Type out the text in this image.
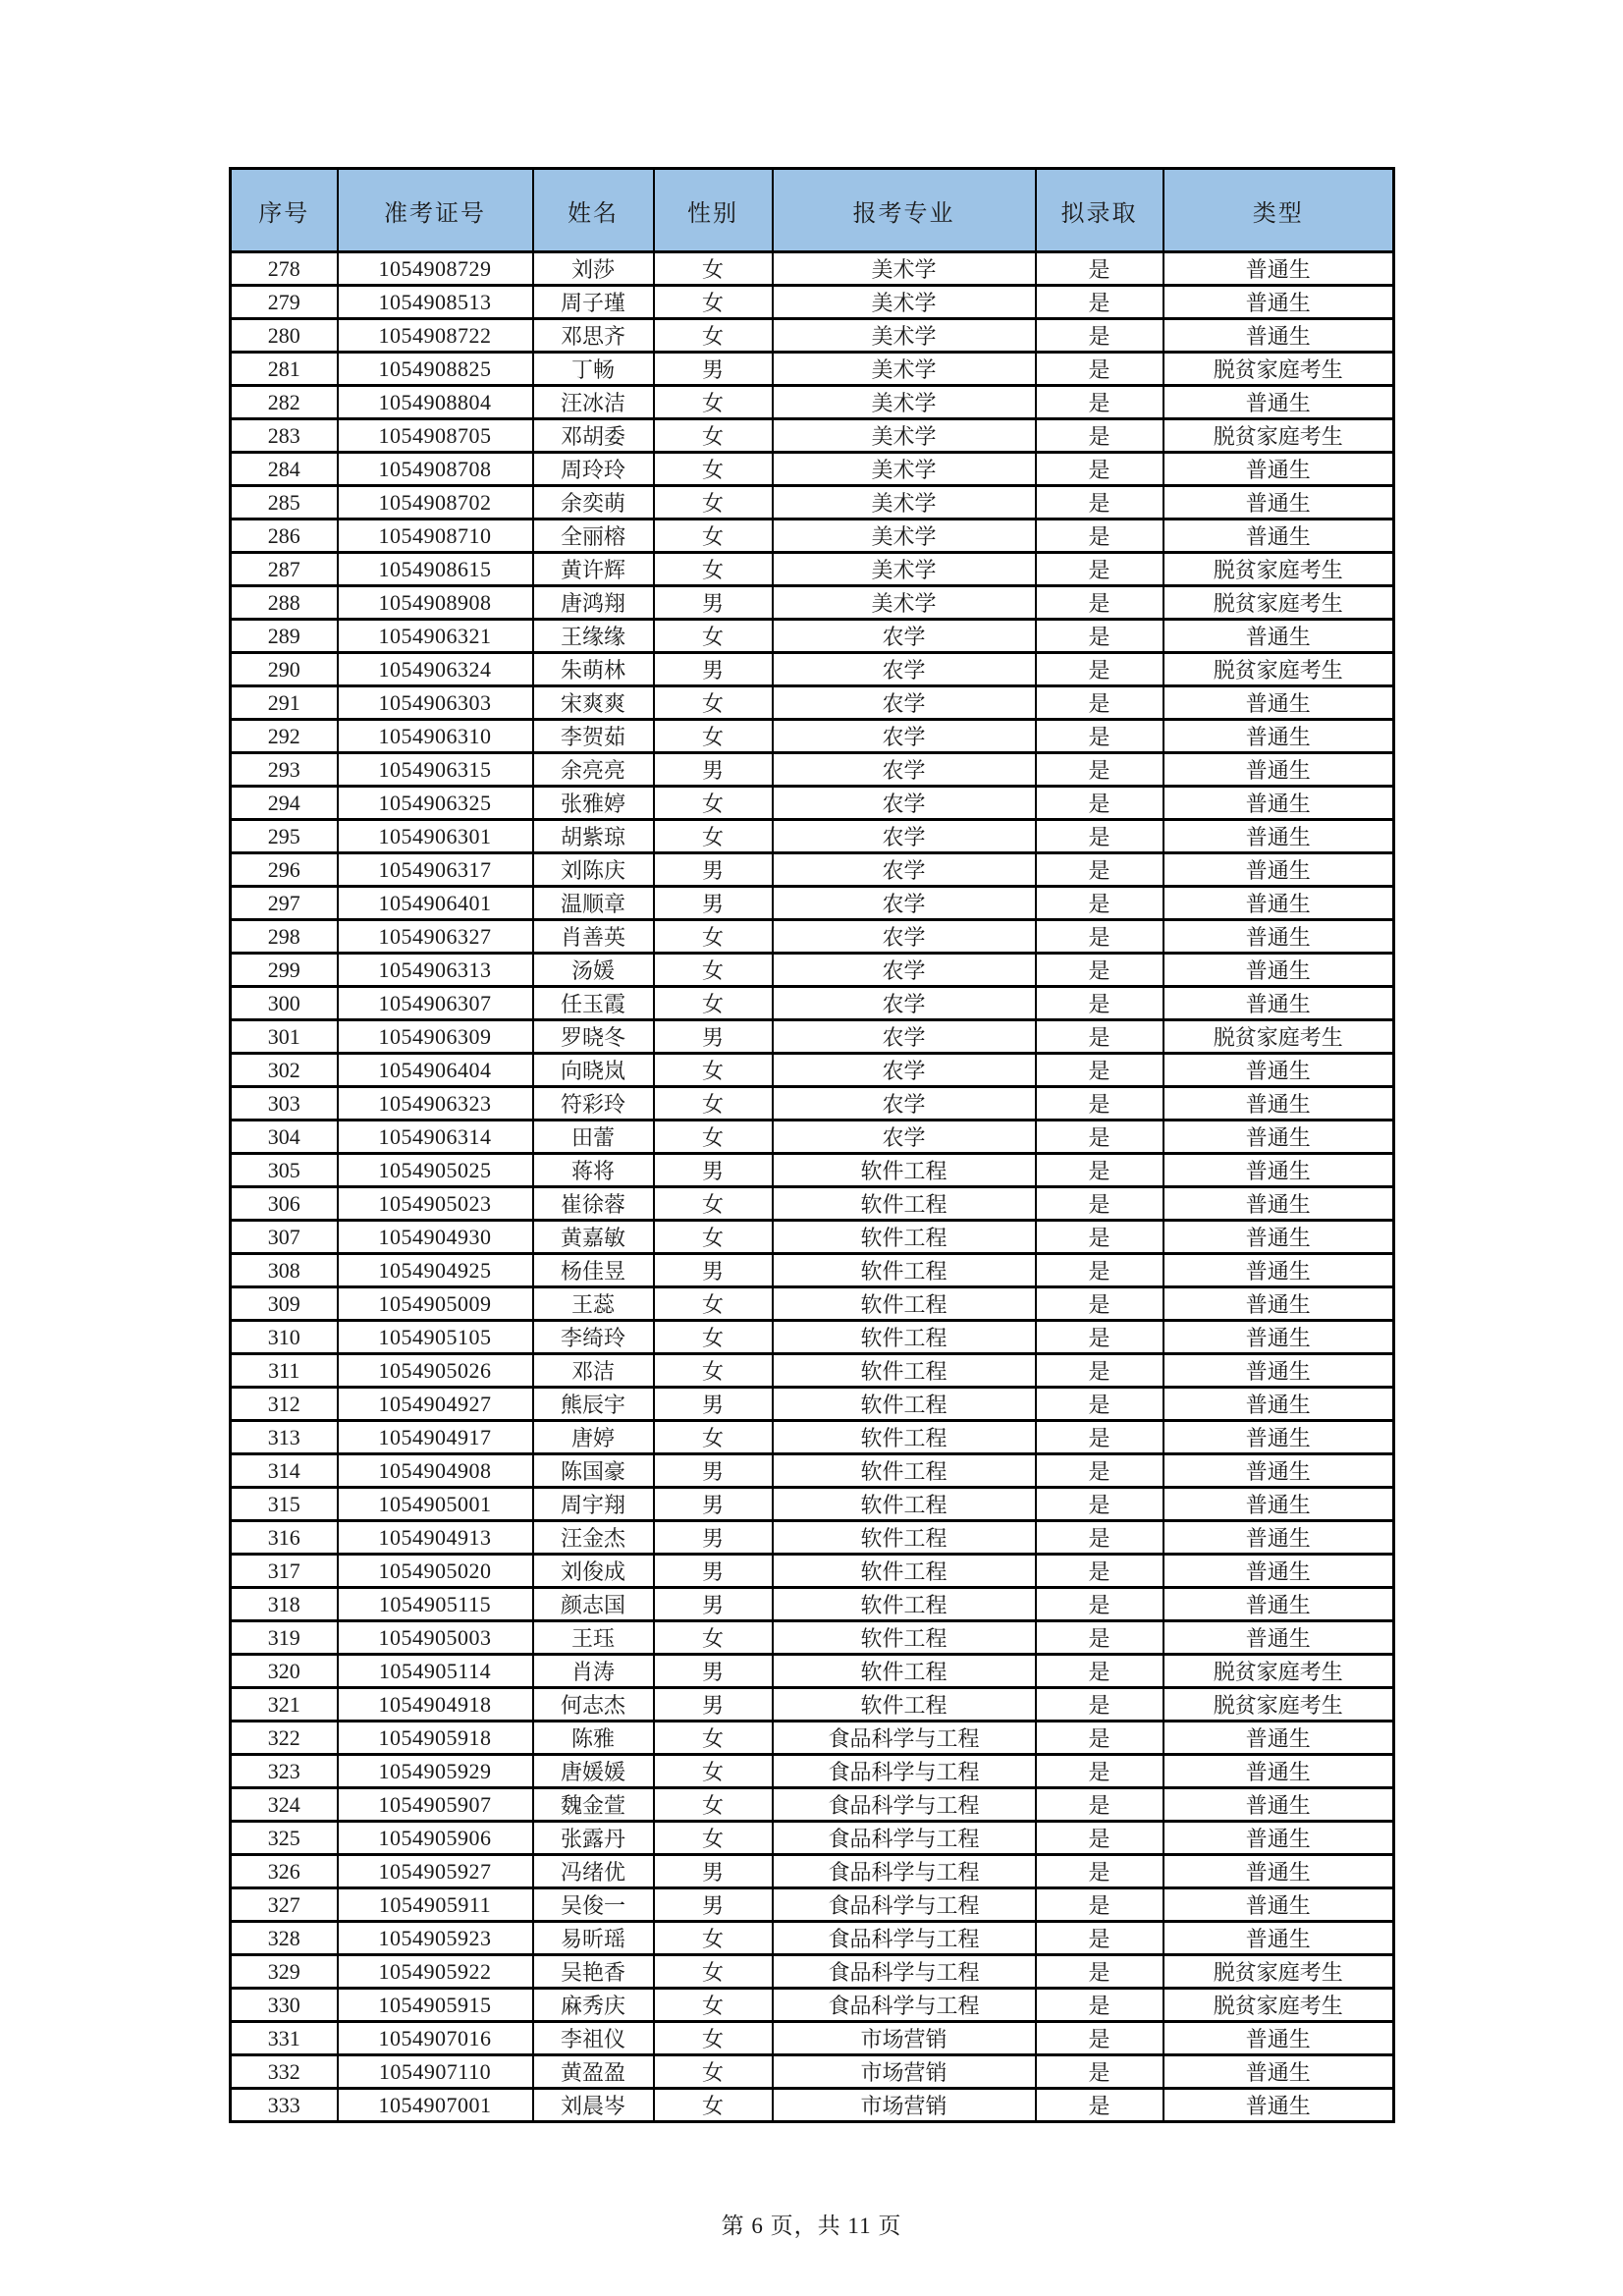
序号	准考证号	姓名	性别	报考专业	拟录取	类型
278	1054908729	刘莎	女	美术学	是	普通生
279	1054908513	周子瑾	女	美术学	是	普通生
280	1054908722	邓思齐	女	美术学	是	普通生
281	1054908825	丁畅	男	美术学	是	脱贫家庭考生
282	1054908804	汪冰洁	女	美术学	是	普通生
283	1054908705	邓胡委	女	美术学	是	脱贫家庭考生
284	1054908708	周玲玲	女	美术学	是	普通生
285	1054908702	余奕萌	女	美术学	是	普通生
286	1054908710	全丽榕	女	美术学	是	普通生
287	1054908615	黄许辉	女	美术学	是	脱贫家庭考生
288	1054908908	唐鸿翔	男	美术学	是	脱贫家庭考生
289	1054906321	王缘缘	女	农学	是	普通生
290	1054906324	朱萌林	男	农学	是	脱贫家庭考生
291	1054906303	宋爽爽	女	农学	是	普通生
292	1054906310	李贺茹	女	农学	是	普通生
293	1054906315	余亮亮	男	农学	是	普通生
294	1054906325	张雅婷	女	农学	是	普通生
295	1054906301	胡紫琼	女	农学	是	普通生
296	1054906317	刘陈庆	男	农学	是	普通生
297	1054906401	温顺章	男	农学	是	普通生
298	1054906327	肖善英	女	农学	是	普通生
299	1054906313	汤媛	女	农学	是	普通生
300	1054906307	任玉霞	女	农学	是	普通生
301	1054906309	罗晓冬	男	农学	是	脱贫家庭考生
302	1054906404	向晓岚	女	农学	是	普通生
303	1054906323	符彩玲	女	农学	是	普通生
304	1054906314	田蕾	女	农学	是	普通生
305	1054905025	蒋将	男	软件工程	是	普通生
306	1054905023	崔徐蓉	女	软件工程	是	普通生
307	1054904930	黄嘉敏	女	软件工程	是	普通生
308	1054904925	杨佳昱	男	软件工程	是	普通生
309	1054905009	王蕊	女	软件工程	是	普通生
310	1054905105	李绮玲	女	软件工程	是	普通生
311	1054905026	邓洁	女	软件工程	是	普通生
312	1054904927	熊辰宇	男	软件工程	是	普通生
313	1054904917	唐婷	女	软件工程	是	普通生
314	1054904908	陈国豪	男	软件工程	是	普通生
315	1054905001	周宇翔	男	软件工程	是	普通生
316	1054904913	汪金杰	男	软件工程	是	普通生
317	1054905020	刘俊成	男	软件工程	是	普通生
318	1054905115	颜志国	男	软件工程	是	普通生
319	1054905003	王珏	女	软件工程	是	普通生
320	1054905114	肖涛	男	软件工程	是	脱贫家庭考生
321	1054904918	何志杰	男	软件工程	是	脱贫家庭考生
322	1054905918	陈雅	女	食品科学与工程	是	普通生
323	1054905929	唐媛媛	女	食品科学与工程	是	普通生
324	1054905907	魏金萱	女	食品科学与工程	是	普通生
325	1054905906	张露丹	女	食品科学与工程	是	普通生
326	1054905927	冯绪优	男	食品科学与工程	是	普通生
327	1054905911	吴俊一	男	食品科学与工程	是	普通生
328	1054905923	易昕瑶	女	食品科学与工程	是	普通生
329	1054905922	吴艳香	女	食品科学与工程	是	脱贫家庭考生
330	1054905915	麻秀庆	女	食品科学与工程	是	脱贫家庭考生
331	1054907016	李祖仪	女	市场营销	是	普通生
332	1054907110	黄盈盈	女	市场营销	是	普通生
333	1054907001	刘晨岑	女	市场营销	是	普通生
第 6 页，共 11 页
